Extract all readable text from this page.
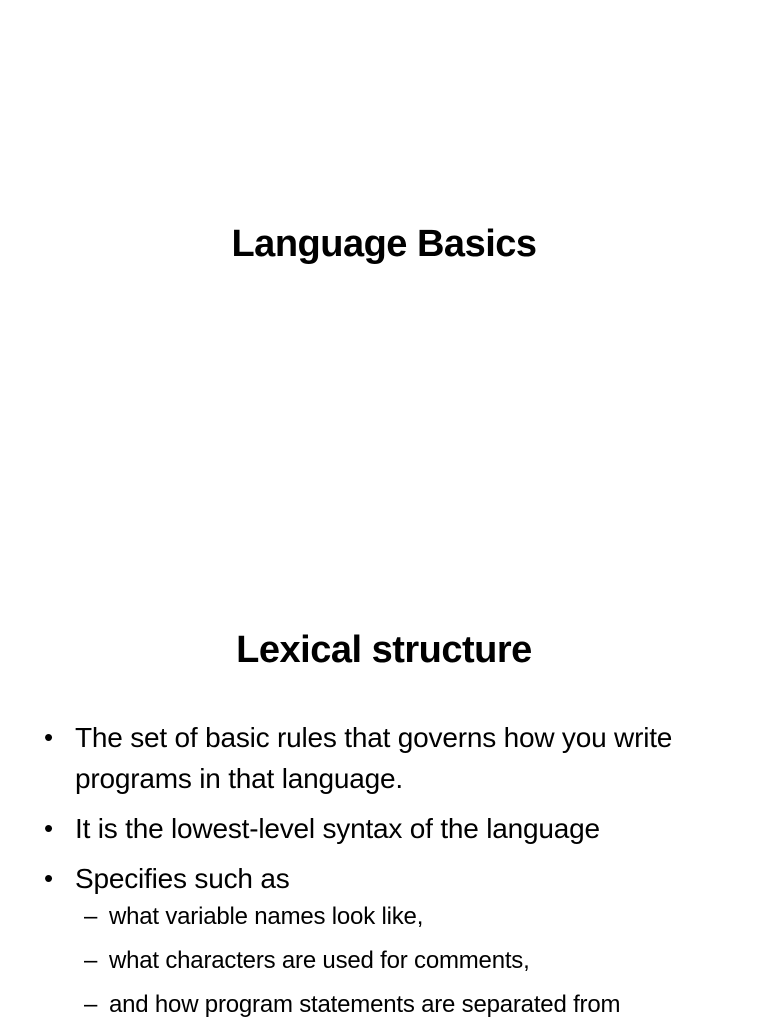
Language Basics
Lexical structure
• The set of basic rules that governs how you write programs in that language.
• It is the lowest-level syntax of the language
• Specifies such as
– what variable names look like,
– what characters are used for comments,
– and how program statements are separated from
